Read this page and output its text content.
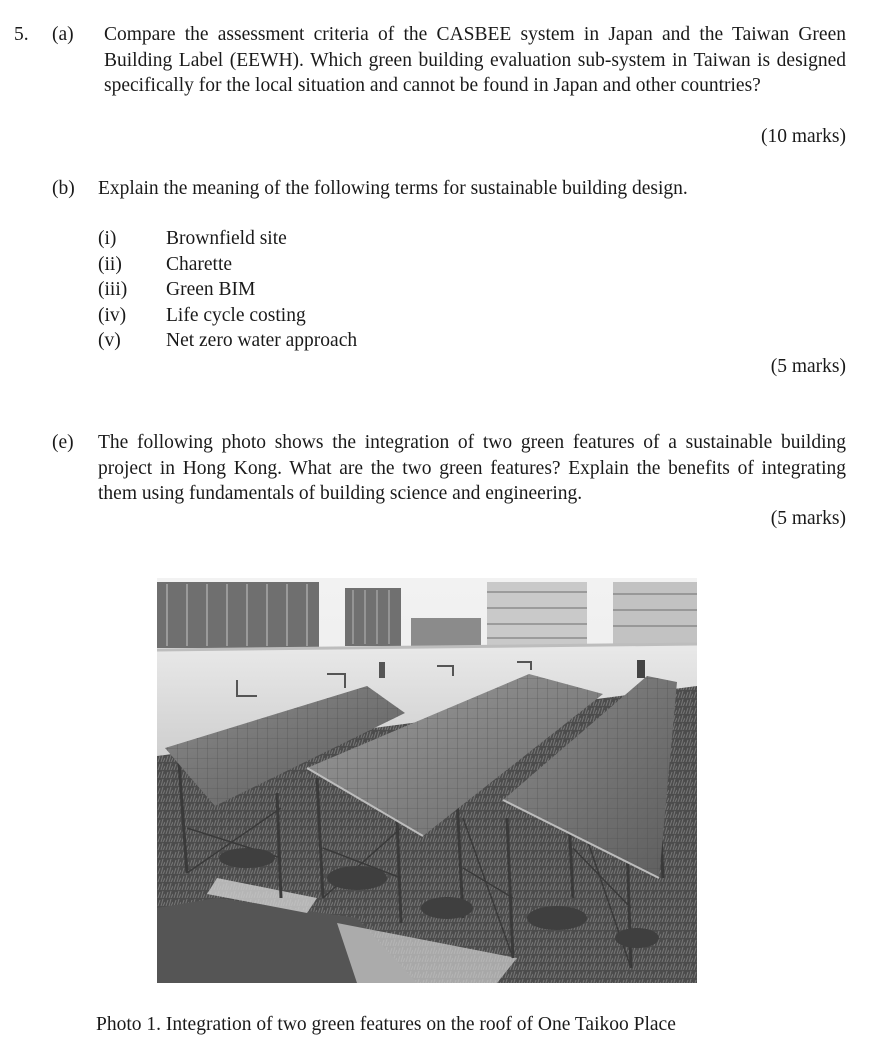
5. (a) Compare the assessment criteria of the CASBEE system in Japan and the Taiwan Green Building Label (EEWH). Which green building evaluation sub-system in Taiwan is designed specifically for the local situation and cannot be found in Japan and other countries?
(10 marks)
(b) Explain the meaning of the following terms for sustainable building design.
(i)	Brownfield site
(ii) Charette
(iii) Green BIM
(iv) Life cycle costing
(v) Net zero water approach
(5 marks)
(e) The following photo shows the integration of two green features of a sustainable building project in Hong Kong. What are the two green features? Explain the benefits of integrating them using fundamentals of building science and engineering.
(5 marks)
Photo 1. Integration of two green features on the roof of One Taikoo Place
